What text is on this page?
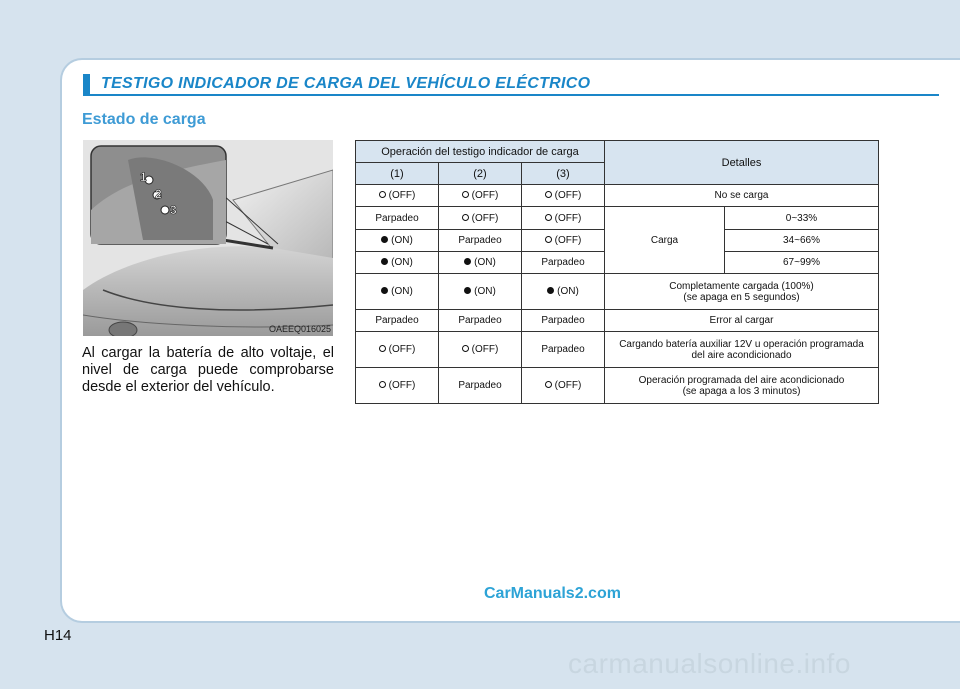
TESTIGO INDICADOR DE CARGA DEL VEHÍCULO ELÉCTRICO
Estado de carga
1
2
3
OAEEQ016025
Al cargar la batería de alto voltaje, el nivel de carga puede comprobarse desde el exterior del vehículo.
Operación del testigo indicador de carga			Detalles	
(1)	(2)	(3)		
(OFF)	(OFF)	(OFF)	No se carga	
Parpadeo	(OFF)	(OFF)	Carga	0~33%
(ON)	Parpadeo	(OFF)		34~66%
(ON)	(ON)	Parpadeo		67~99%
(ON)	(ON)	(ON)	Completamente cargada (100%)
(se apaga en 5 segundos)	

Parpadeo	Parpadeo	Parpadeo	Error al cargar	
(OFF)	(OFF)	Parpadeo	Cargando batería auxiliar 12V u operación programada
del aire acondicionado	

(OFF)	Parpadeo	(OFF)	Operación programada del aire acondicionado
(se apaga a los 3 minutos)	
CarManuals2.com
H14
carmanualsonline.info
